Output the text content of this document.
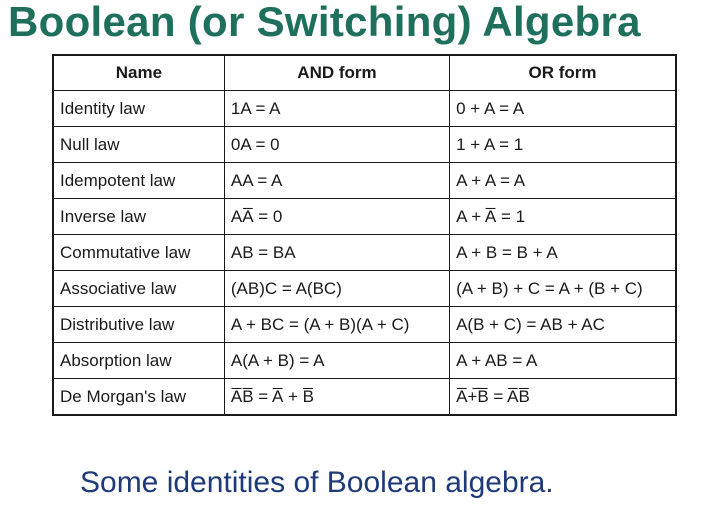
Boolean (or Switching) Algebra
Name	AND form	OR form
Identity law	1A = A	0 + A = A
Null law	0A = 0	1 + A = 1
Idempotent law	AA = A	A + A = A
Inverse law	AA̅ = 0	A + A̅ = 1
Commutative law	AB = BA	A + B = B + A
Associative law	(AB)C = A(BC)	(A + B) + C = A + (B + C)
Distributive law	A + BC = (A + B)(A + C)	A(B + C) = AB + AC
Absorption law	A(A + B) = A	A + AB = A
De Morgan's law	A̅B̅ = A̅ + B̅	A̅+̅B̅ = A̅B̅
Some identities of Boolean algebra.
